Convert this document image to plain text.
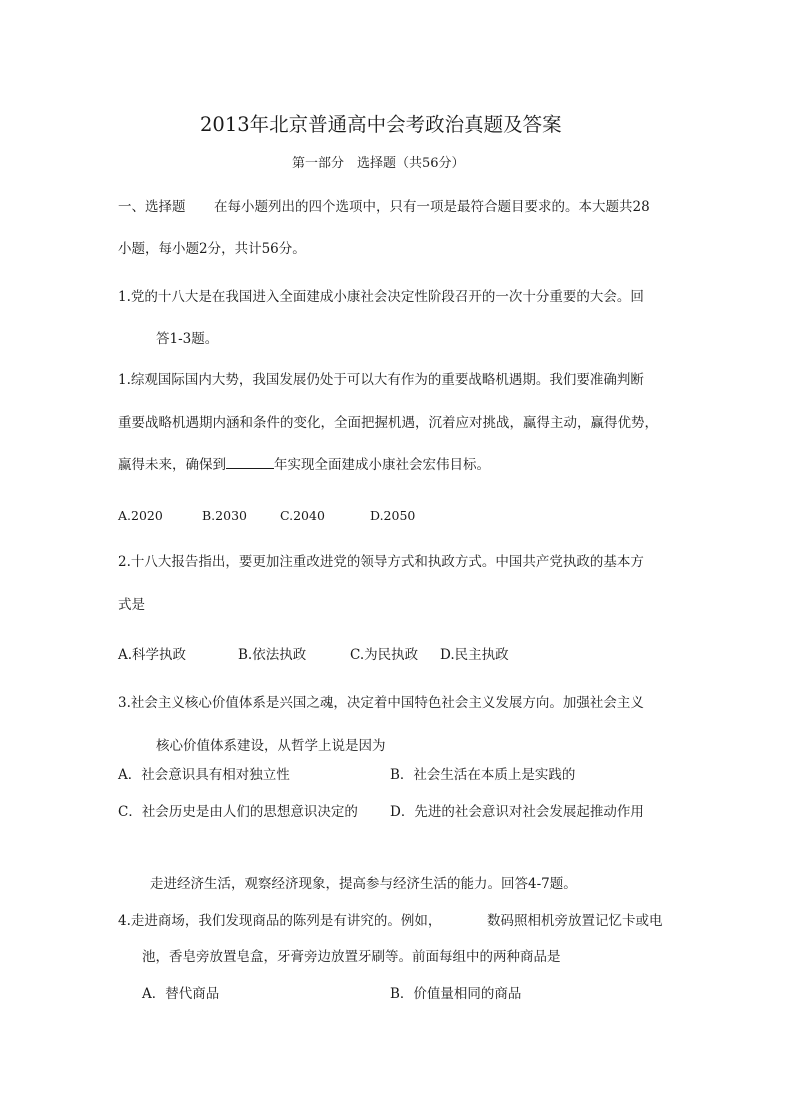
2013年北京普通高中会考政治真题及答案
第一部分　选择题（共56分）
一、选择题 在每小题列出的四个选项中，只有一项是最符合题目要求的。本大题共28
小题，每小题2分，共计56分。
1.党的十八大是在我国进入全面建成小康社会决定性阶段召开的一次十分重要的大会。回
答1-3题。
1.综观国际国内大势，我国发展仍处于可以大有作为的重要战略机遇期。我们要准确判断
重要战略机遇期内涵和条件的变化，全面把握机遇，沉着应对挑战，赢得主动，赢得优势，
赢得未来，确保到	年实现全面建成小康社会宏伟目标。
A.2020	B.2030	C.2040	D.2050
2.十八大报告指出，要更加注重改进党的领导方式和执政方式。中国共产党执政的基本方
式是
A.科学执政	B.依法执政	C.为民执政 D.民主执政
3.社会主义核心价值体系是兴国之魂，决定着中国特色社会主义发展方向。加强社会主义
核心价值体系建设，从哲学上说是因为
A．社会意识具有相对独立性	B．社会生活在本质上是实践的
C．社会历史是由人们的思想意识决定的 D．先进的社会意识对社会发展起推动作用
走进经济生活，观察经济现象，提高参与经济生活的能力。回答4-7题。
4.走进商场，我们发现商品的陈列是有讲究的。例如，	数码照相机旁放置记忆卡或电
池，香皂旁放置皂盒，牙膏旁边放置牙刷等。前面每组中的两种商品是
A．替代商品	B．价值量相同的商品
